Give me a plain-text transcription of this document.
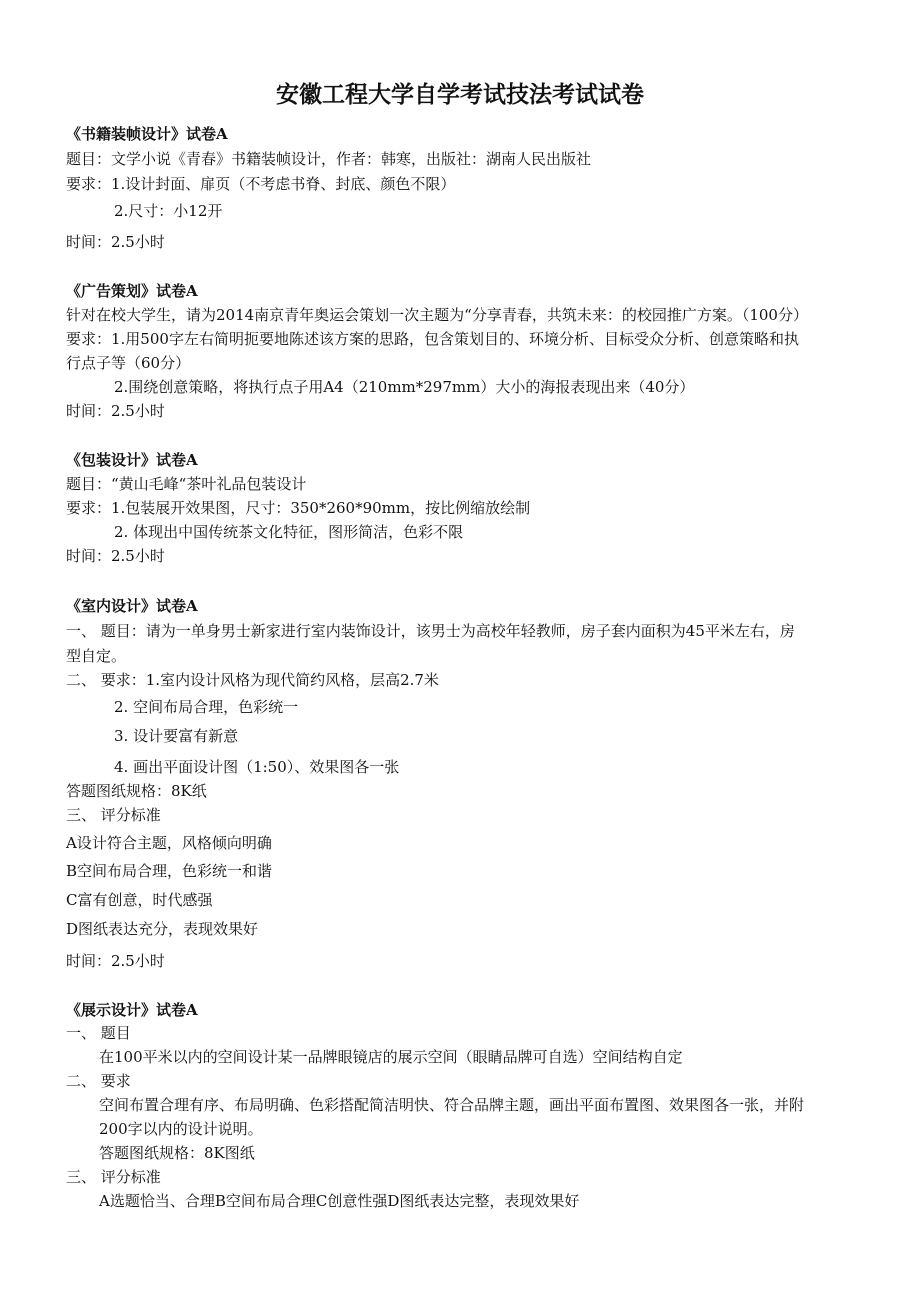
安徽工程大学自学考试技法考试试卷

《书籍装帧设计》试卷A

题目：文学小说《青春》书籍装帧设计，作者：韩寒，出版社：湖南人民出版社

要求：1.设计封面、扉页（不考虑书脊、封底、颜色不限）

2.尺寸：小12开

时间：2.5小时

《广告策划》试卷A

针对在校大学生，请为2014南京青年奥运会策划一次主题为“分享青春，共筑未来：的校园推广方案。（100分）

要求：1.用500字左右简明扼要地陈述该方案的思路，包含策划目的、环境分析、目标受众分析、创意策略和执

行点子等（60分）

2.围绕创意策略，将执行点子用A4（210mm*297mm）大小的海报表现出来（40分）

时间：2.5小时

《包装设计》试卷A

题目：“黄山毛峰“茶叶礼品包装设计

要求：1.包装展开效果图，尺寸：350*260*90mm，按比例缩放绘制

2. 体现出中国传统茶文化特征，图形简洁，色彩不限

时间：2.5小时

《室内设计》试卷A

一、 题目：请为一单身男士新家进行室内装饰设计，该男士为高校年轻教师，房子套内面积为45平米左右，房

型自定。

二、 要求：1.室内设计风格为现代简约风格，层高2.7米

2. 空间布局合理，色彩统一

3. 设计要富有新意

4. 画出平面设计图（1:50）、效果图各一张

答题图纸规格：8K纸

三、 评分标准

A设计符合主题，风格倾向明确

B空间布局合理，色彩统一和谐

C富有创意，时代感强

D图纸表达充分，表现效果好

时间：2.5小时

《展示设计》试卷A

一、 题目

在100平米以内的空间设计某一品牌眼镜店的展示空间（眼睛品牌可自选）空间结构自定

二、 要求

空间布置合理有序、布局明确、色彩搭配简洁明快、符合品牌主题，画出平面布置图、效果图各一张，并附

200字以内的设计说明。

答题图纸规格：8K图纸

三、 评分标准

A选题恰当、合理B空间布局合理C创意性强D图纸表达完整，表现效果好
